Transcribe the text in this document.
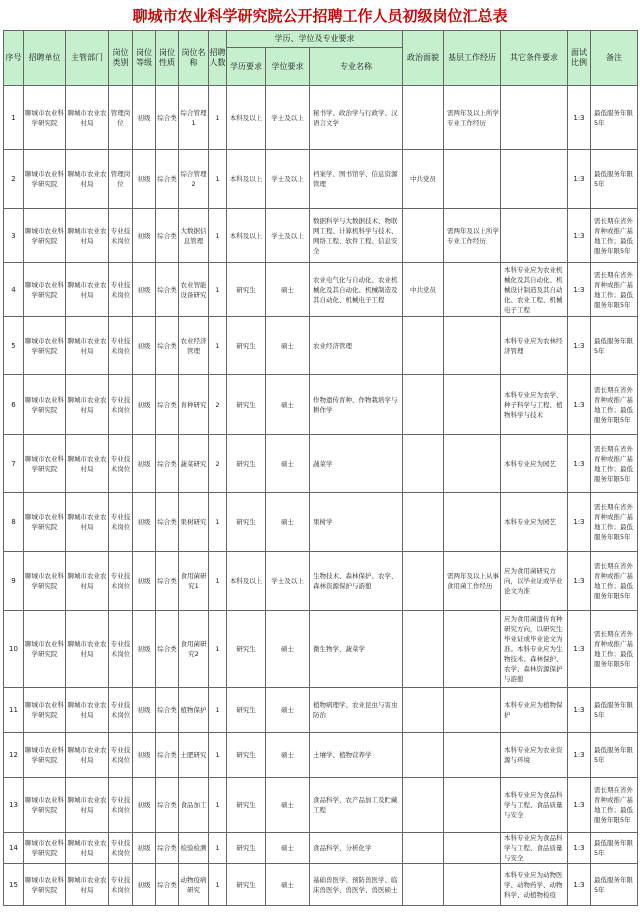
聊城市农业科学研究院公开招聘工作人员初级岗位汇总表
序号	招聘单位	主管部门	岗位类别	岗位等级	岗位性质	岗位名称	招聘人数	学历、学位及专业要求			政治面貌	基层工作经历	其它条件要求	面试比例	备注
								学历要求	学位要求	专业名称					
1	聊城市农业科学研究院	聊城市农业农村局	管理岗位	初级	综合类	综合管理1	1	本科及以上	学士及以上	秘书学、政治学与行政学、汉语言文学		需两年及以上所学专业工作经历		1:3	最低服务年限5年
2	聊城市农业科学研究院	聊城市农业农村局	管理岗位	初级	综合类	综合管理2	1	本科及以上	学士及以上	档案学、图书馆学、信息资源管理	中共党员			1:3	最低服务年限5年
3	聊城市农业科学研究院	聊城市农业农村局	专业技术岗位	初级	综合类	大数据信息管理	1	本科及以上	学士及以上	数据科学与大数据技术、物联网工程、计算机科学与技术、网络工程、软件工程、信息安全		需两年及以上所学专业工作经历		1:3	需长期在省外育种或推广基地工作；最低服务年限5年
4	聊城市农业科学研究院	聊城市农业农村局	专业技术岗位	初级	综合类	农业智能设备研究	1	研究生	硕士	农业电气化与自动化、农业机械化及其自动化、机械制造及其自动化、机械电子工程	中共党员		本科专业应为农业机械化及其自动化、机械设计制造及其自动化、农业工程、机械电子工程	1:3	需长期在省外育种或推广基地工作；最低服务年限5年
5	聊城市农业科学研究院	聊城市农业农村局	专业技术岗位	初级	综合类	农业经济管理	1	研究生	硕士	农业经济管理			本科专业应为农林经济管理	1:3	最低服务年限5年
6	聊城市农业科学研究院	聊城市农业农村局	专业技术岗位	初级	综合类	育种研究	2	研究生	硕士	作物遗传育种、作物栽培学与耕作学			本科专业应为农学、种子科学与工程、植物科学与技术	1:3	需长期在省外育种或推广基地工作；最低服务年限5年
7	聊城市农业科学研究院	聊城市农业农村局	专业技术岗位	初级	综合类	蔬菜研究	2	研究生	硕士	蔬菜学			本科专业应为园艺	1:3	需长期在省外育种或推广基地工作；最低服务年限5年
8	聊城市农业科学研究院	聊城市农业农村局	专业技术岗位	初级	综合类	果树研究	1	研究生	硕士	果树学			本科专业应为园艺	1:3	需长期在省外育种或推广基地工作；最低服务年限5年
9	聊城市农业科学研究院	聊城市农业农村局	专业技术岗位	初级	综合类	食用菌研究1	1	本科及以上	学士及以上	生物技术、森林保护、农学、森林资源保护与游憩		需两年及以上从事食用菌工作经历	应为食用菌研究方向，以毕业证或毕业论文为准	1:3	需长期在省外育种或推广基地工作；最低服务年限5年
10	聊城市农业科学研究院	聊城市农业农村局	专业技术岗位	初级	综合类	食用菌研究2	1	研究生	硕士	微生物学、蔬菜学			应为食用菌遗传育种研究方向，以研究生毕业证或毕业论文为准。本科专业应为生物技术、森林保护、农学、森林资源保护与游憩	1:3	需长期在省外育种或推广基地工作；最低服务年限5年
11	聊城市农业科学研究院	聊城市农业农村局	专业技术岗位	初级	综合类	植物保护	1	研究生	硕士	植物病理学、农业昆虫与害虫防治			本科专业应为植物保护	1:3	最低服务年限5年
12	聊城市农业科学研究院	聊城市农业农村局	专业技术岗位	初级	综合类	土肥研究	1	研究生	硕士	土壤学、植物营养学			本科专业应为农业资源与环境	1:3	最低服务年限5年
13	聊城市农业科学研究院	聊城市农业农村局	专业技术岗位	初级	综合类	食品加工	1	研究生	硕士	食品科学、农产品加工及贮藏工程			本科专业应为食品科学与工程、食品质量与安全	1:3	需长期在省外育种或推广基地工作；最低服务年限5年
14	聊城市农业科学研究院	聊城市农业农村局	专业技术岗位	初级	综合类	检验检测	1	研究生	硕士	食品科学、分析化学			本科专业应为食品科学与工程、食品质量与安全	1:3	最低服务年限5年
15	聊城市农业科学研究院	聊城市农业农村局	专业技术岗位	初级	综合类	动物疫病研究	1	研究生	硕士	基础兽医学、预防兽医学、临床兽医学、兽医学、兽医硕士			本科专业应为动物医学、动物药学、动物科学、动植物检疫	1:3	最低服务年限5年
